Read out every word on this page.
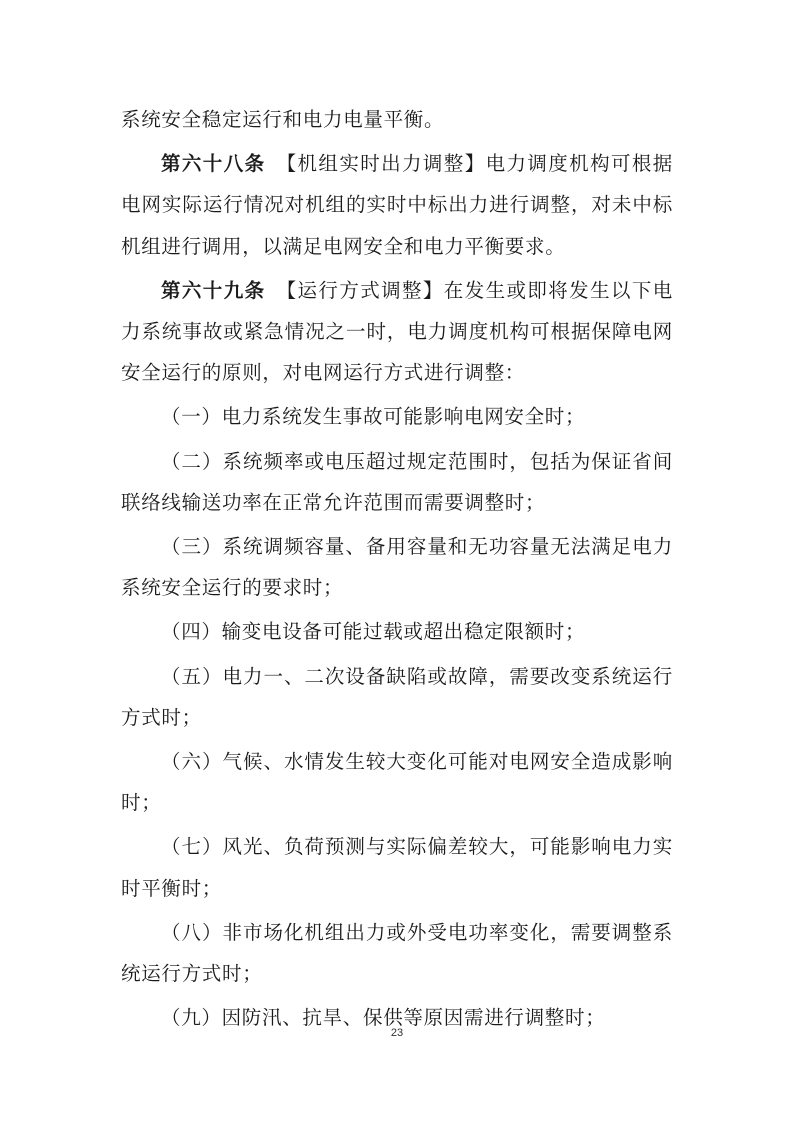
系统安全稳定运行和电力电量平衡。

第六十八条  【机组实时出力调整】电力调度机构可根据电网实际运行情况对机组的实时中标出力进行调整，对未中标机组进行调用，以满足电网安全和电力平衡要求。

第六十九条  【运行方式调整】在发生或即将发生以下电力系统事故或紧急情况之一时，电力调度机构可根据保障电网安全运行的原则，对电网运行方式进行调整：

（一）电力系统发生事故可能影响电网安全时；

（二）系统频率或电压超过规定范围时，包括为保证省间联络线输送功率在正常允许范围而需要调整时；

（三）系统调频容量、备用容量和无功容量无法满足电力系统安全运行的要求时；

（四）输变电设备可能过载或超出稳定限额时；

（五）电力一、二次设备缺陷或故障，需要改变系统运行方式时；

（六）气候、水情发生较大变化可能对电网安全造成影响时；

（七）风光、负荷预测与实际偏差较大，可能影响电力实时平衡时；

（八）非市场化机组出力或外受电功率变化，需要调整系统运行方式时；

（九）因防汛、抗旱、保供等原因需进行调整时；

23
